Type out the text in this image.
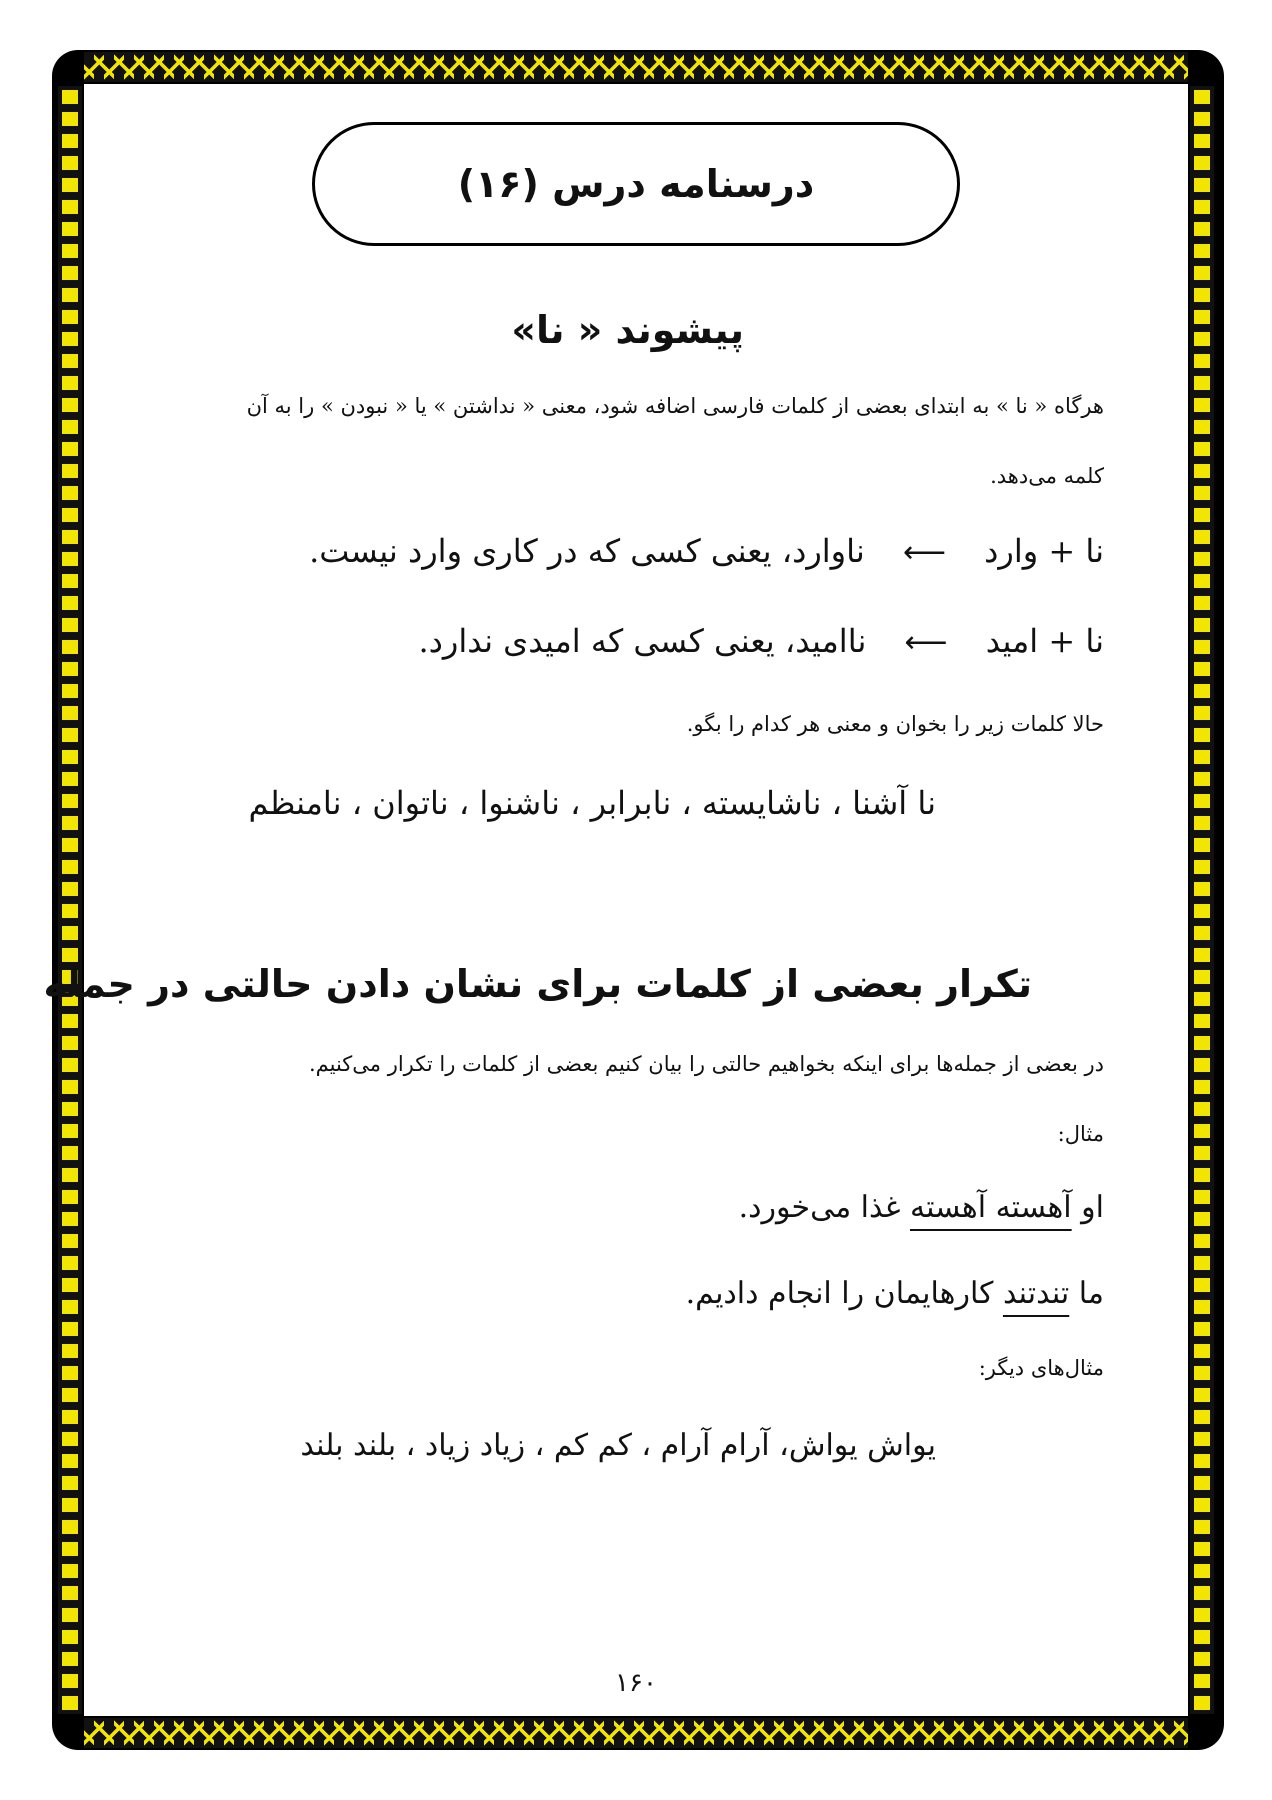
درسنامه درس (۱۶)
پیشوند « نا»
هرگاه « نا » به ابتدای بعضی از کلمات فارسی اضافه شود، معنی « نداشتن » یا « نبودن » را به آن
کلمه می‌دهد.
نا + وارد ⟵ ناوارد، یعنی کسی که در کاری وارد نیست.
نا + امید ⟵ ناامید، یعنی کسی که امیدی ندارد.
حالا کلمات زیر را بخوان و معنی هر کدام را بگو.
نا آشنا ، ناشایسته ، نابرابر ، ناشنوا ، ناتوان ، نامنظم
تکرار بعضی از کلمات برای نشان دادن حالتی در جمله
در بعضی از جمله‌ها برای اینکه بخواهیم حالتی را بیان کنیم بعضی از کلمات را تکرار می‌کنیم.
مثال:
او آهسته آهسته غذا می‌خورد.
ما تندتند کارهایمان را انجام دادیم.
مثال‌های دیگر:
یواش یواش، آرام آرام ، کم کم ، زیاد زیاد ، بلند بلند
۱۶۰
